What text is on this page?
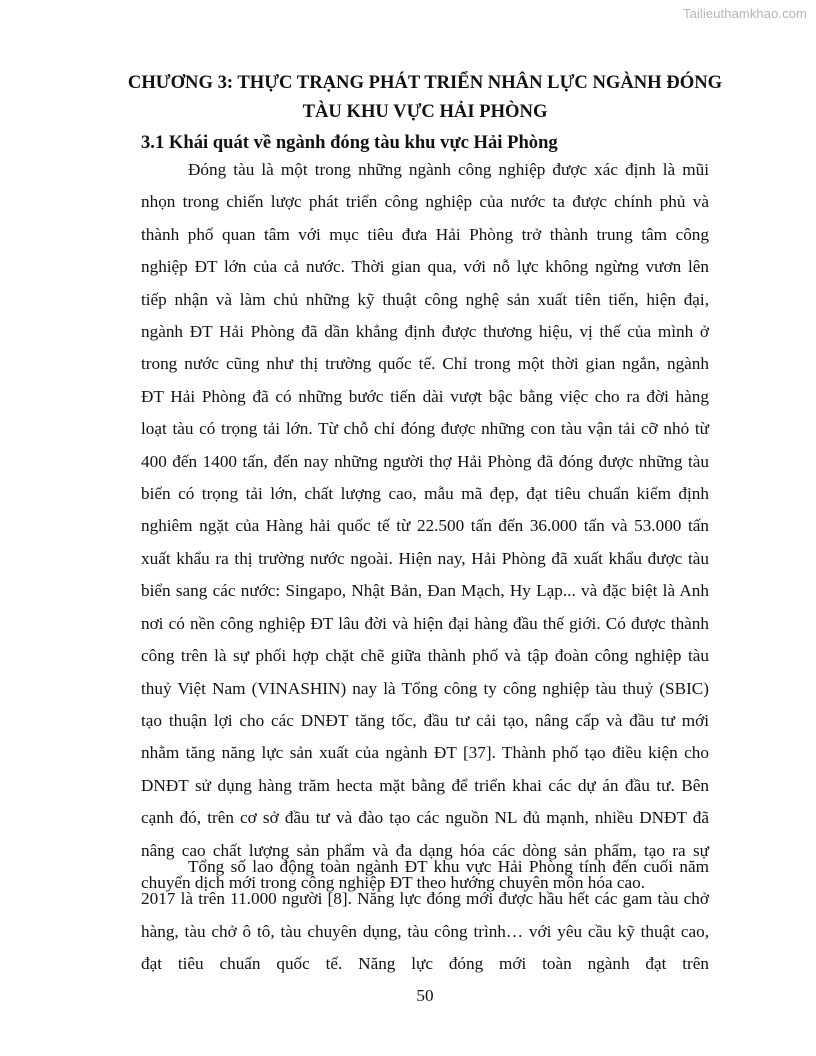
Tailieuthamkhao.com
CHƯƠNG 3: THỰC TRẠNG PHÁT TRIỂN NHÂN LỰC NGÀNH ĐÓNG
TÀU KHU VỰC HẢI PHÒNG
3.1 Khái quát về ngành đóng tàu khu vực Hải Phòng
Đóng tàu là một trong những ngành công nghiệp được xác định là mũi
nhọn trong chiến lược phát triển công nghiệp của nước ta được chính phủ và
thành phố quan tâm với mục tiêu đưa Hải Phòng trở thành trung tâm công
nghiệp ĐT lớn của cả nước. Thời gian qua, với nỗ lực không ngừng vươn lên
tiếp nhận và làm chủ những kỹ thuật công nghệ sản xuất tiên tiến, hiện đại,
ngành ĐT Hải Phòng đã dần khẳng định được thương hiệu, vị thế của mình ở
trong nước cũng như thị trường quốc tế. Chỉ trong một thời gian ngắn, ngành
ĐT Hải Phòng đã có những bước tiến dài vượt bậc bằng việc cho ra đời hàng
loạt tàu có trọng tải lớn. Từ chỗ chỉ đóng được những con tàu vận tải cỡ nhỏ từ
400 đến 1400 tấn, đến nay những người thợ Hải Phòng đã đóng được những tàu
biển có trọng tải lớn, chất lượng cao, mẫu mã đẹp, đạt tiêu chuẩn kiểm định
nghiêm ngặt của Hàng hải quốc tế từ 22.500 tấn đến 36.000 tấn và 53.000 tấn
xuất khẩu ra thị trường nước ngoài. Hiện nay, Hải Phòng đã xuất khẩu được tàu
biển sang các nước: Singapo, Nhật Bản, Đan Mạch, Hy Lạp... và đặc biệt là Anh
nơi có nền công nghiệp ĐT lâu đời và hiện đại hàng đầu thế giới. Có được thành
công trên là sự phối hợp chặt chẽ giữa thành phố và tập đoàn công nghiệp tàu
thuỷ Việt Nam (VINASHIN) nay là Tổng công ty công nghiệp tàu thuỷ (SBIC)
tạo thuận lợi cho các DNĐT tăng tốc, đầu tư cải tạo, nâng cấp và đầu tư mới
nhằm tăng năng lực sản xuất của ngành ĐT [37]. Thành phố tạo điều kiện cho
DNĐT sử dụng hàng trăm hecta mặt bằng để triển khai các dự án đầu tư. Bên
cạnh đó, trên cơ sở đầu tư và đào tạo các nguồn NL đủ mạnh, nhiều DNĐT đã
nâng cao chất lượng sản phẩm và đa dạng hóa các dòng sản phẩm, tạo ra sự
chuyển dịch mới trong công nghiệp ĐT theo hướng chuyên môn hóa cao.
Tổng số lao động toàn ngành ĐT khu vực Hải Phòng tính đến cuối năm
2017 là trên 11.000 người [8]. Năng lực đóng mới được hầu hết các gam tàu chở
hàng, tàu chở ô tô, tàu chuyên dụng, tàu công trình… với yêu cầu kỹ thuật cao,
đạt tiêu chuẩn quốc tế. Năng lực đóng mới toàn ngành đạt trên
50
